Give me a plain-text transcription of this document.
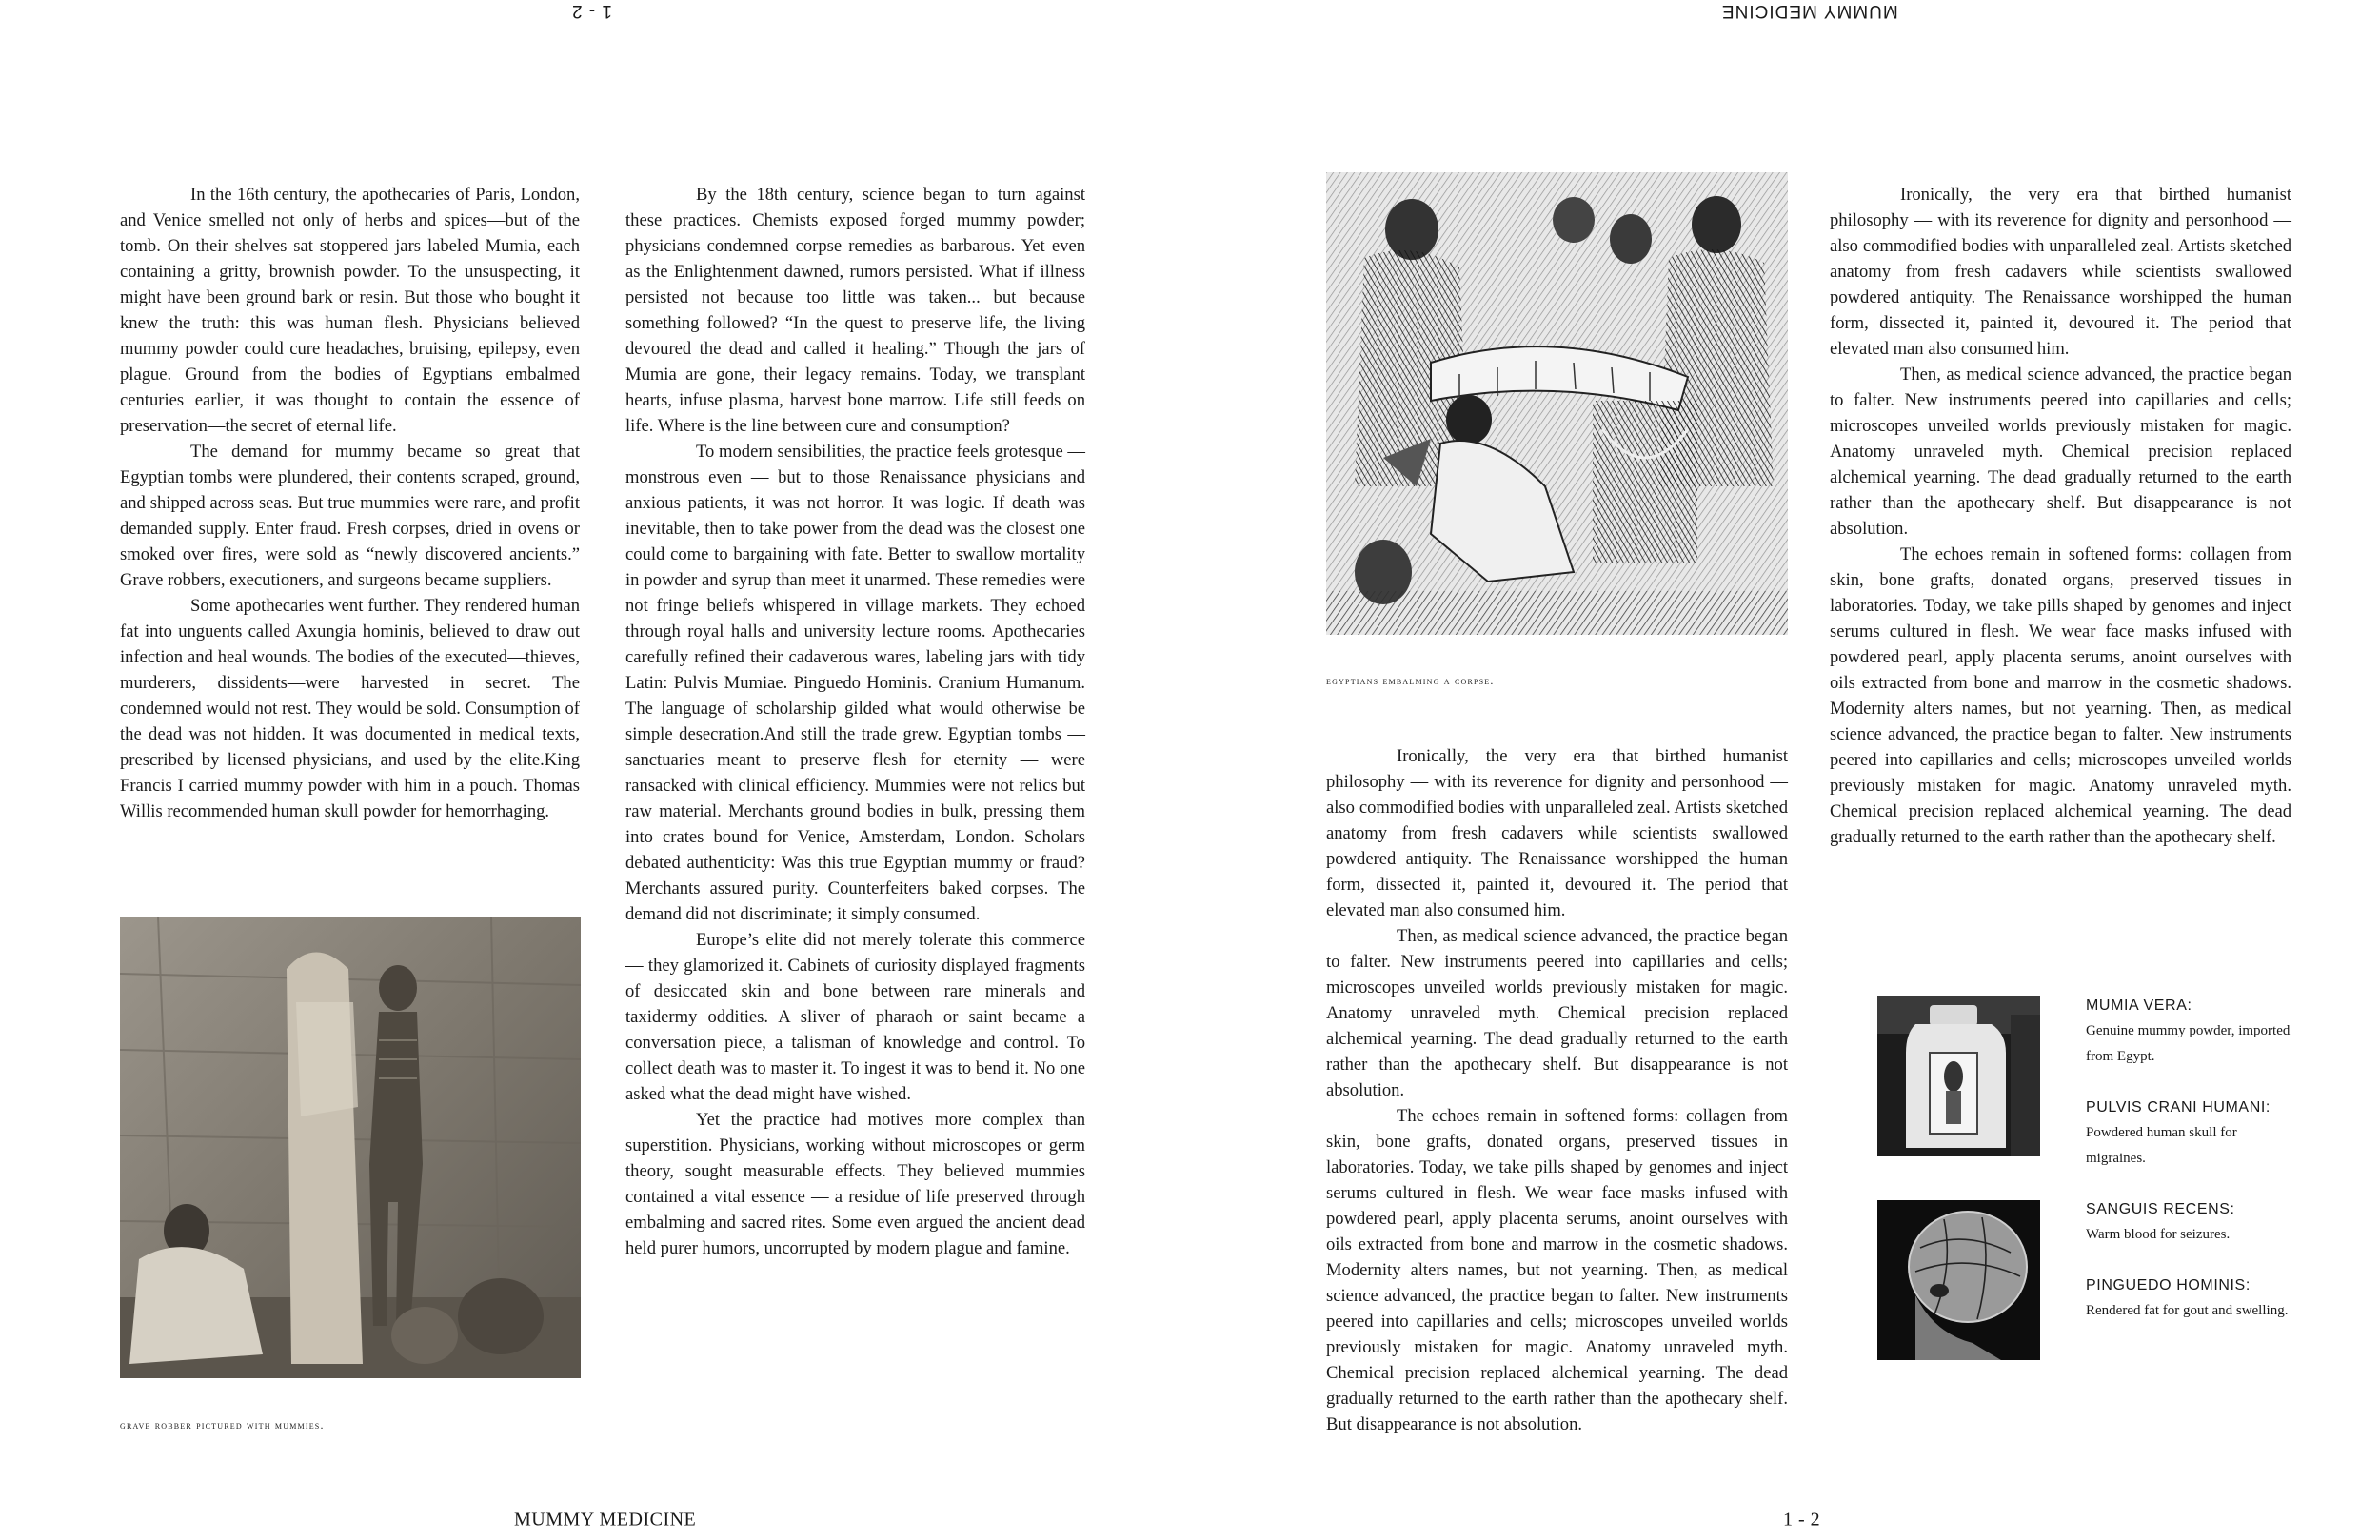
1 - 2	MUMMY MEDICINE

In the 16th century, the apothecaries of Paris, London, and Venice smelled not only of herbs and spices—but of the tomb. On their shelves sat stoppered jars labeled Mumia, each containing a gritty, brownish powder. To the unsuspecting, it might have been ground bark or resin. But those who bought it knew the truth: this was human flesh. Physicians believed mummy powder could cure headaches, bruising, epilepsy, even plague. Ground from the bodies of Egyptians embalmed centuries earlier, it was thought to contain the essence of preservation—the secret of eternal life.

The demand for mummy became so great that Egyptian tombs were plundered, their contents scraped, ground, and shipped across seas. But true mummies were rare, and profit demanded supply. Enter fraud. Fresh corpses, dried in ovens or smoked over fires, were sold as “newly discovered ancients.” Grave robbers, executioners, and surgeons became suppliers.

Some apothecaries went further. They rendered human fat into unguents called Axungia hominis, believed to draw out infection and heal wounds. The bodies of the executed—thieves, murderers, dissidents—were harvested in secret. The condemned would not rest. They would be sold. Consumption of the dead was not hidden. It was documented in medical texts, prescribed by licensed physicians, and used by the elite.King Francis I carried mummy powder with him in a pouch. Thomas Willis recommended human skull powder for hemorrhaging.

grave robber pictured with mummies.

By the 18th century, science began to turn against these practices. Chemists exposed forged mummy powder; physicians condemned corpse remedies as barbarous. Yet even as the Enlightenment dawned, rumors persisted. What if illness persisted not because too little was taken... but because something followed? “In the quest to preserve life, the living devoured the dead and called it healing.” Though the jars of Mumia are gone, their legacy remains. Today, we transplant hearts, infuse plasma, harvest bone marrow. Life still feeds on life. Where is the line between cure and consumption?

To modern sensibilities, the practice feels grotesque — monstrous even — but to those Renaissance physicians and anxious patients, it was not horror. It was logic. If death was inevitable, then to take power from the dead was the closest one could come to bargaining with fate. Better to swallow mortality in powder and syrup than meet it unarmed. These remedies were not fringe beliefs whispered in village markets. They echoed through royal halls and university lecture rooms. Apothecaries carefully refined their cadaverous wares, labeling jars with tidy Latin: Pulvis Mumiae. Pinguedo Hominis. Cranium Humanum. The language of scholarship gilded what would otherwise be simple desecration.And still the trade grew. Egyptian tombs — sanctuaries meant to preserve flesh for eternity — were ransacked with clinical efficiency. Mummies were not relics but raw material. Merchants ground bodies in bulk, pressing them into crates bound for Venice, Amsterdam, London. Scholars debated authenticity: Was this true Egyptian mummy or fraud? Merchants assured purity. Counterfeiters baked corpses. The demand did not discriminate; it simply consumed.

Europe’s elite did not merely tolerate this commerce — they glamorized it. Cabinets of curiosity displayed fragments of desiccated skin and bone between rare minerals and taxidermy oddities. A sliver of pharaoh or saint became a conversation piece, a talisman of knowledge and control. To collect death was to master it. To ingest it was to bend it. No one asked what the dead might have wished.

Yet the practice had motives more complex than superstition. Physicians, working without microscopes or germ theory, sought measurable effects. They believed mummies contained a vital essence — a residue of life preserved through embalming and sacred rites. Some even argued the ancient dead held purer humors, uncorrupted by modern plague and famine.

egyptians embalming a corpse.

Ironically, the very era that birthed humanist philosophy — with its reverence for dignity and personhood — also commodified bodies with unparalleled zeal. Artists sketched anatomy from fresh cadavers while scientists swallowed powdered antiquity. The Renaissance worshipped the human form, dissected it, painted it, devoured it. The period that elevated man also consumed him.

Then, as medical science advanced, the practice began to falter. New instruments peered into capillaries and cells; microscopes unveiled worlds previously mistaken for magic. Anatomy unraveled myth. Chemical precision replaced alchemical yearning. The dead gradually returned to the earth rather than the apothecary shelf. But disappearance is not absolution.

The echoes remain in softened forms: collagen from skin, bone grafts, donated organs, preserved tissues in laboratories. Today, we take pills shaped by genomes and inject serums cultured in flesh. We wear face masks infused with powdered pearl, apply placenta serums, anoint ourselves with oils extracted from bone and marrow in the cosmetic shadows. Modernity alters names, but not yearning. Then, as medical science advanced, the practice began to falter. New instruments peered into capillaries and cells; microscopes unveiled worlds previously mistaken for magic. Anatomy unraveled myth. Chemical precision replaced alchemical yearning. The dead gradually returned to the earth rather than the apothecary shelf. But disappearance is not absolution.

Ironically, the very era that birthed humanist philosophy — with its reverence for dignity and personhood — also commodified bodies with unparalleled zeal. Artists sketched anatomy from fresh cadavers while scientists swallowed powdered antiquity. The Renaissance worshipped the human form, dissected it, painted it, devoured it. The period that elevated man also consumed him.

Then, as medical science advanced, the practice began to falter. New instruments peered into capillaries and cells; microscopes unveiled worlds previously mistaken for magic. Anatomy unraveled myth. Chemical precision replaced alchemical yearning. The dead gradually returned to the earth rather than the apothecary shelf. But disappearance is not absolution.

The echoes remain in softened forms: collagen from skin, bone grafts, donated organs, preserved tissues in laboratories. Today, we take pills shaped by genomes and inject serums cultured in flesh. We wear face masks infused with powdered pearl, apply placenta serums, anoint ourselves with oils extracted from bone and marrow in the cosmetic shadows. Modernity alters names, but not yearning. Then, as medical science advanced, the practice began to falter. New instruments peered into capillaries and cells; microscopes unveiled worlds previously mistaken for magic. Anatomy unraveled myth. Chemical precision replaced alchemical yearning. The dead gradually returned to the earth rather than the apothecary shelf.

MUMIA VERA:
Genuine mummy powder, imported from Egypt.
PULVIS CRANI HUMANI:
Powdered human skull for migraines.
SANGUIS RECENS:
Warm blood for seizures.
PINGUEDO HOMINIS:
Rendered fat for gout and swelling.
MUMMY MEDICINE	1 - 2
